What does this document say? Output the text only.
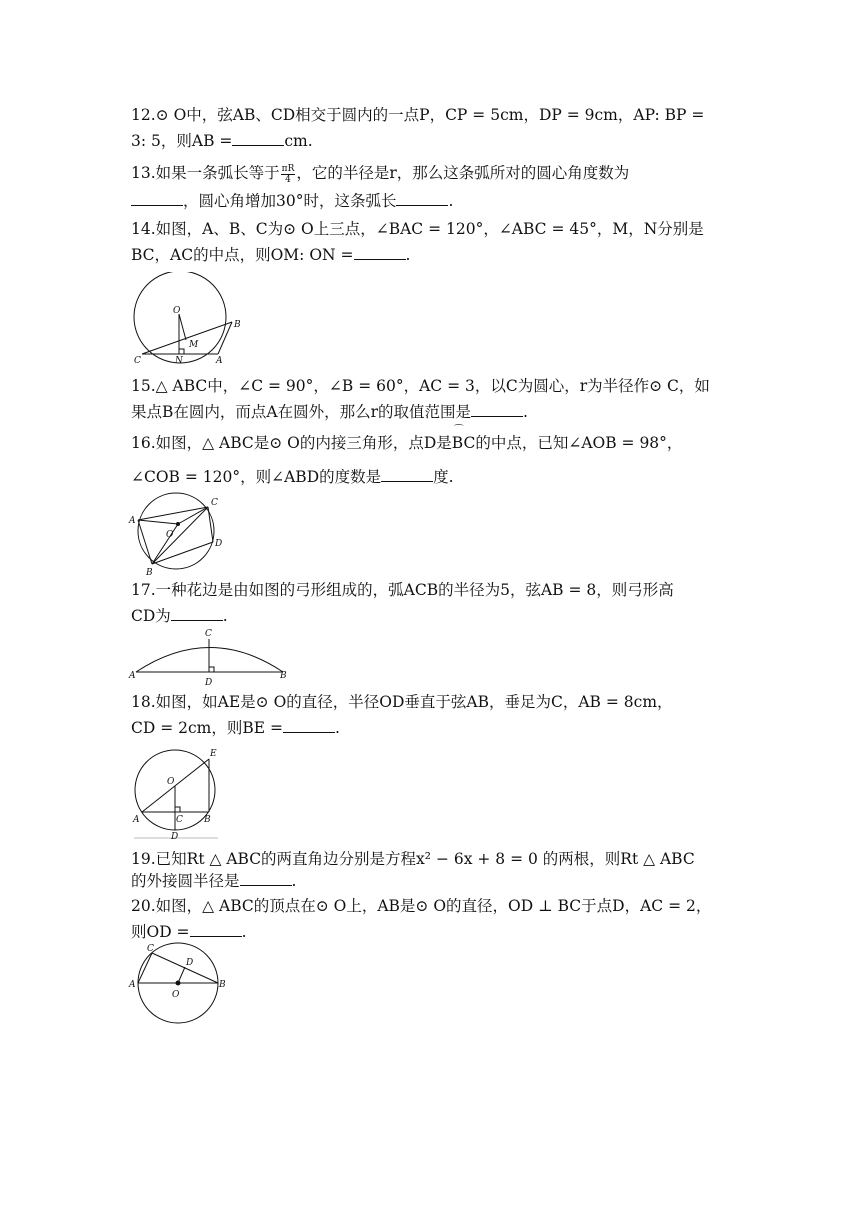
12.⊙ O中，弦AB、CD相交于圆内的一点P，CP = 5cm，DP = 9cm，AP: BP =
3: 5，则AB =	cm.
13.如果一条弧长等于 $\frac{\pi R}{4}$ ，它的半径是r，那么这条弧所对的圆心角度数为
，圆心角增加30°时，这条弧长	.
14.如图，A、B、C为⊙ O上三点，∠BAC = 120°，∠ABC = 45°，M，N分别是
BC，AC的中点，则OM: ON =	.
O
B
M
C	N	A
15.△ ABC中，∠C = 90°，∠B = 60°，AC = 3，以C为圆心，r为半径作⊙ C，如
果点B在圆内，而点A在圆外，那么r的取值范围是	.
16.如图，△ ABC是⊙ O的内接三角形，点D是⌒ BC的中点，已知∠AOB = 98°，
∠COB = 120°，则∠ABD的度数是	度.
A
C
O
D
B
17.一种花边是由如图的弓形组成的，弧ACB的半径为5，弦AB = 8，则弓形高
CD为	.
C
A
D
B
18.如图，如AE是⊙ O的直径，半径OD垂直于弦AB，垂足为C，AB = 8cm，
CD = 2cm，则BE =	.
E
O
A	C B
D
19.已知Rt △ ABC的两直角边分别是方程x² − 6x + 8 = 0 的两根，则Rt △ ABC
的外接圆半径是	.
20.如图，△ ABC的顶点在⊙ O上，AB是⊙ O的直径，OD ⊥ BC于点D，AC = 2，
则OD =	.
C
D
A
O
B
